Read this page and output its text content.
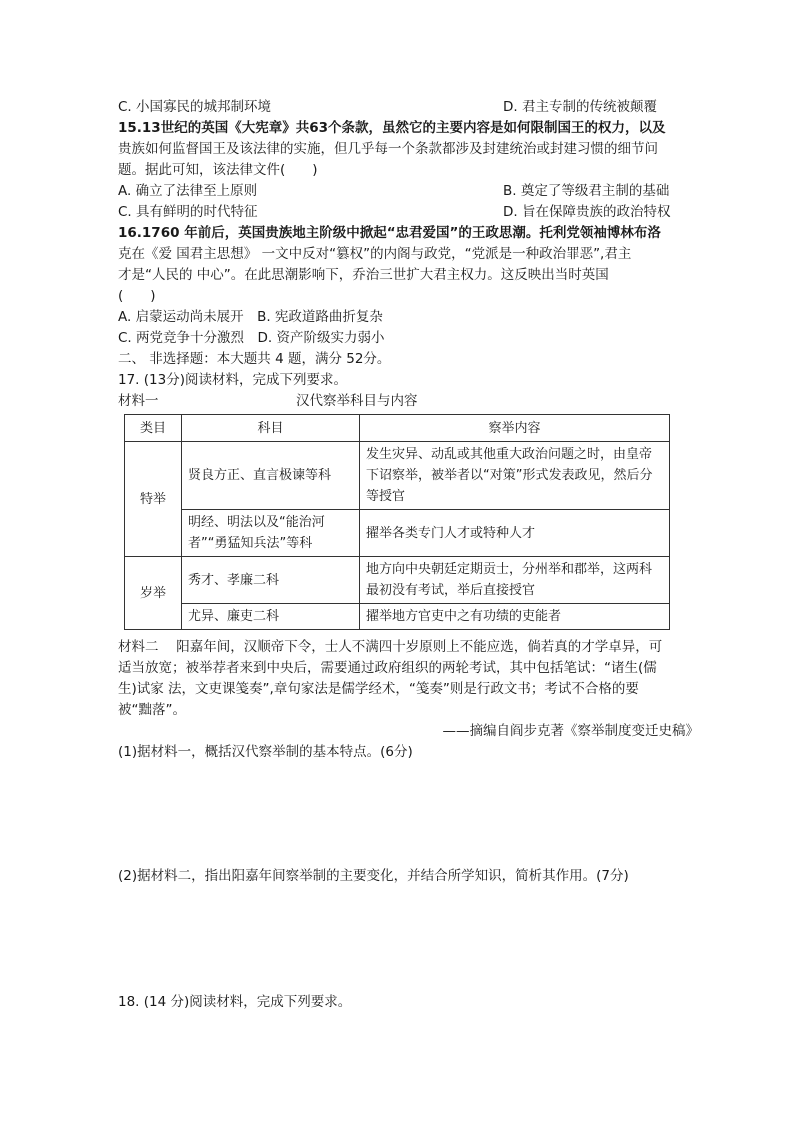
C. 小国寡民的城邦制环境	D. 君主专制的传统被颠覆
15.13世纪的英国《大宪章》共63个条款，虽然它的主要内容是如何限制国王的权力，以及
贵族如何监督国王及该法律的实施，但几乎每一个条款都涉及封建统治或封建习惯的细节问
题。据此可知，该法律文件(　　)
A. 确立了法律至上原则	B. 奠定了等级君主制的基础
C. 具有鲜明的时代特征	D. 旨在保障贵族的政治特权
16.1760 年前后，英国贵族地主阶级中掀起“忠君爱国”的王政思潮。托利党领袖博林布洛
克在《爱 国君主思想》 一文中反对“篡权”的内阁与政党，“党派是一种政治罪恶”,君主
才是“人民的 中心”。在此思潮影响下，乔治三世扩大君主权力。这反映出当时英国
(　　)
A. 启蒙运动尚未展开　B. 宪政道路曲折复杂
C. 两党竞争十分激烈　D. 资产阶级实力弱小
二、 非选择题：本大题共 4 题，满分 52分。
17. (13分)阅读材料，完成下列要求。
材料一	汉代察举科目与内容
类目	科目	察举内容
特举	贤良方正、直言极谏等科	发生灾异、动乱或其他重大政治问题之时，由皇帝下诏察举，被举者以“对策”形式发表政见，然后分等授官
	明经、明法以及“能治河者”“勇猛知兵法”等科	擢举各类专门人才或特种人才
岁举	秀才、孝廉二科	地方向中央朝廷定期贡士，分州举和郡举，这两科最初没有考试，举后直接授官
	尤异、廉吏二科	擢举地方官吏中之有功绩的吏能者
材料二　 阳嘉年间，汉顺帝下令，士人不满四十岁原则上不能应选，倘若真的才学卓异，可
适当放宽；被举荐者来到中央后，需要通过政府组织的两轮考试，其中包括笔试：“诸生(儒
生)试家 法，文吏课笺奏”,章句家法是儒学经术，“笺奏”则是行政文书；考试不合格的要
被“黜落”。
——摘编自阎步克著《察举制度变迁史稿》
(1)据材料一，概括汉代察举制的基本特点。(6分)
(2)据材料二，指出阳嘉年间察举制的主要变化，并结合所学知识，简析其作用。(7分)
18. (14 分)阅读材料，完成下列要求。
